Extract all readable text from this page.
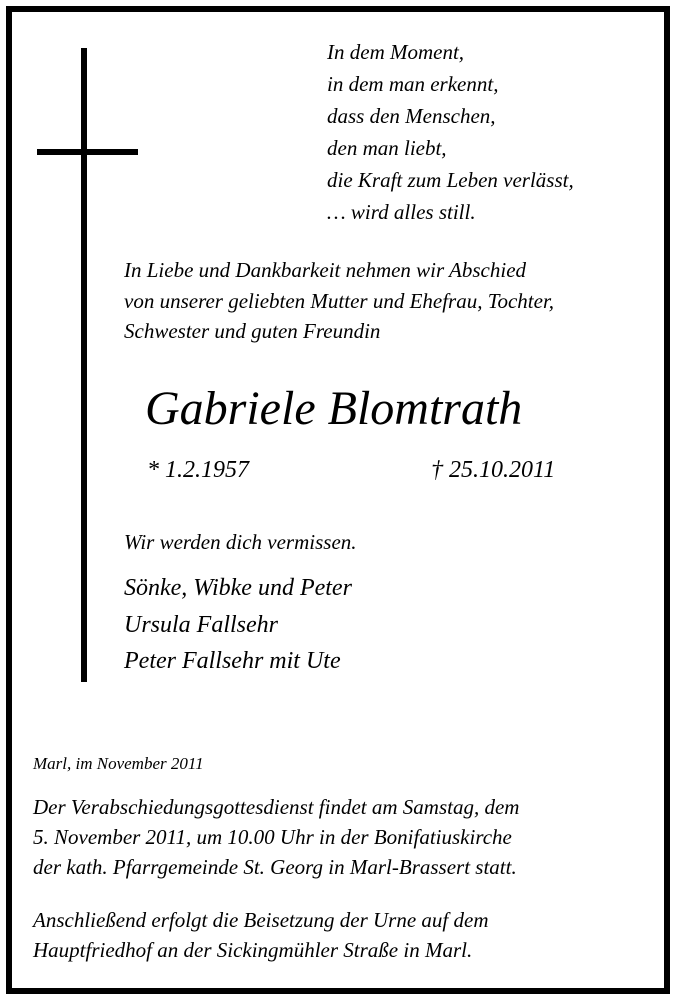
In dem Moment,
in dem man erkennt,
dass den Menschen,
den man liebt,
die Kraft zum Leben verlässt,
… wird alles still.
In Liebe und Dankbarkeit nehmen wir Abschied
von unserer geliebten Mutter und Ehefrau, Tochter,
Schwester und guten Freundin
Gabriele Blomtrath
* 1.2.1957	† 25.10.2011
Wir werden dich vermissen.
Sönke, Wibke und Peter
Ursula Fallsehr
Peter Fallsehr mit Ute
Marl, im November 2011
Der Verabschiedungsgottesdienst findet am Samstag, dem
5. November 2011, um 10.00 Uhr in der Bonifatiuskirche
der kath. Pfarrgemeinde St. Georg in Marl-Brassert statt.
Anschließend erfolgt die Beisetzung der Urne auf dem
Hauptfriedhof an der Sickingmühler Straße in Marl.
